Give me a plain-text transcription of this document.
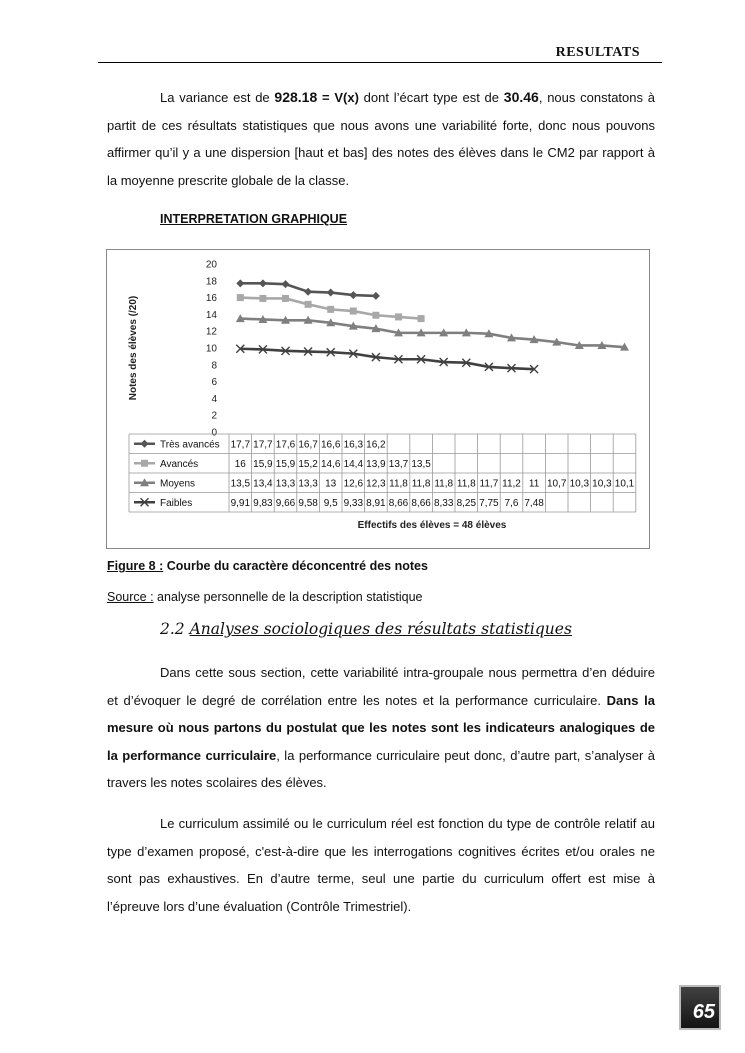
RESULTATS
La variance est de 928.18 = V(x) dont l’écart type est de 30.46, nous constatons à partit de ces résultats statistiques que nous avons une variabilité forte, donc nous pouvons affirmer qu’il y a une dispersion [haut et bas] des notes des élèves dans le CM2 par rapport à la moyenne prescrite globale de la classe.
INTERPRETATION GRAPHIQUE
Notes des élèves (/20)
0
2
4
6
8
10
12
14
16
18
20
Très avancés 17,7 17,7 17,6 16,7 16,6 16,3 16,2
Avancés	16 15,9 15,9 15,2 14,6 14,4 13,9 13,7 13,5
Moyens	13,5 13,4 13,3 13,3 13 12,6 12,3 11,8 11,8 11,8 11,8 11,7 11,2 11 10,7 10,3 10,3 10,1
Faibles	9,91 9,83 9,66 9,58 9,5 9,33 8,91 8,66 8,66 8,33 8,25 7,75 7,6 7,48
Effectifs des élèves = 48 élèves
Figure 8 : Courbe du caractère déconcentré des notes
Source : analyse personnelle de la description statistique
2.2 Analyses sociologiques des résultats statistiques
Dans cette sous section, cette variabilité intra-groupale nous permettra d’en déduire et d’évoquer le degré de corrélation entre les notes et la performance curriculaire. Dans la mesure où nous partons du postulat que les notes sont les indicateurs analogiques de la performance curriculaire, la performance curriculaire peut donc, d’autre part, s’analyser à travers les notes scolaires des élèves.
Le curriculum assimilé ou le curriculum réel est fonction du type de contrôle relatif au type d’examen proposé, c'est-à-dire que les interrogations cognitives écrites et/ou orales ne sont pas exhaustives. En d’autre terme, seul une partie du curriculum offert est mise à l’épreuve lors d’une évaluation (Contrôle Trimestriel).
65
